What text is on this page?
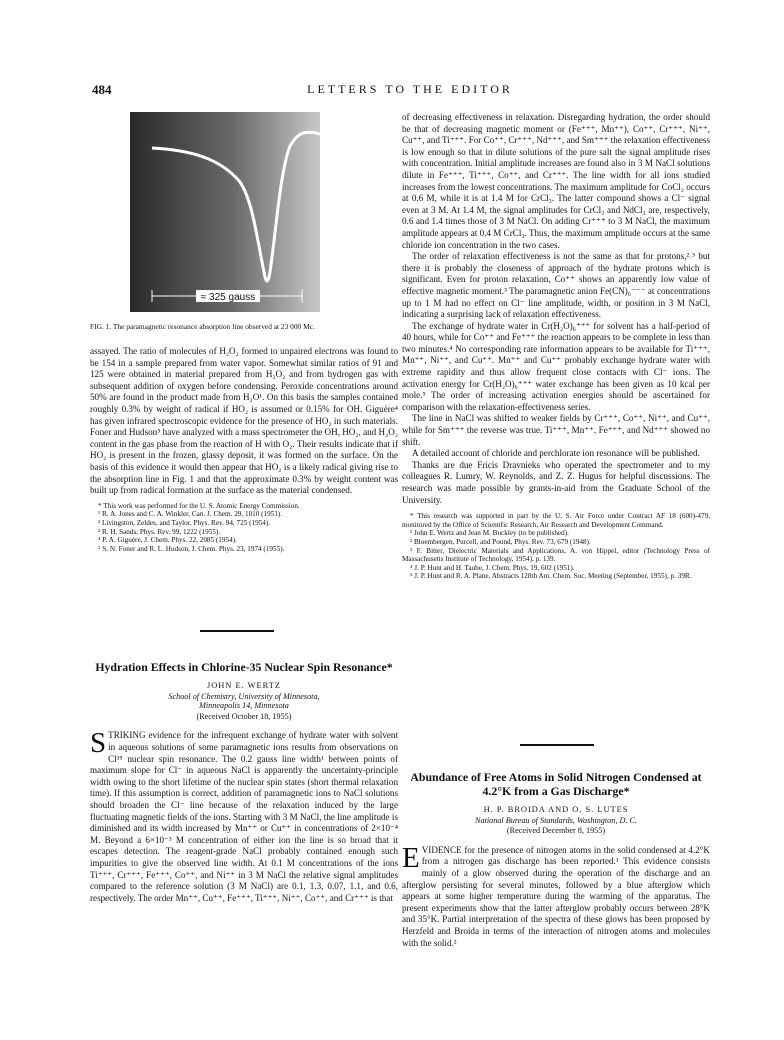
484	LETTERS TO THE EDITOR
≈ 325 gauss
FIG. 1. The paramagnetic resonance absorption line observed at 23 000 Mc.

assayed. The ratio of molecules of H₂O₂ formed to unpaired electrons was found to be 154 in a sample prepared from water vapor. Somewhat similar ratios of 91 and 125 were obtained in material prepared from H₂O₂ and from hydrogen gas with subsequent addition of oxygen before condensing. Peroxide concentrations around 50% are found in the product made from H₂O¹. On this basis the samples contained roughly 0.3% by weight of radical if HO₂ is assumed or 0.15% for OH. Giguère⁴ has given infrared spectroscopic evidence for the presence of HO₂ in such materials. Foner and Hudson⁵ have analyzed with a mass spectrometer the OH, HO₂, and H₂O₂ content in the gas phase from the reaction of H with O₂. Their results indicate that if HO₂ is present in the frozen, glassy deposit, it was formed on the surface. On the basis of this evidence it would then appear that HO₂ is a likely radical giving rise to the absorption line in Fig. 1 and that the approximate 0.3% by weight content was built up from radical formation at the surface as the material condensed.

* This work was performed for the U. S. Atomic Energy Commission.
¹ R. A. Jones and C. A. Winkler, Can. J. Chem. 29, 1010 (1951).
² Livingston, Zeldes, and Taylor, Phys. Rev. 94, 725 (1954).
³ R. H. Sands, Phys. Rev. 99, 1222 (1955).
⁴ P. A. Giguère, J. Chem. Phys. 22, 2085 (1954).
⁵ S. N. Foner and R. L. Hudson, J. Chem. Phys. 23, 1974 (1955).
Hydration Effects in Chlorine-35 Nuclear Spin Resonance*
JOHN E. WERTZ
School of Chemistry, University of Minnesota,
Minneapolis 14, Minnesota
(Received October 18, 1955)

STRIKING evidence for the infrequent exchange of hydrate water with solvent in aqueous solutions of some paramagnetic ions results from observations on Cl³⁵ nuclear spin resonance. The 0.2 gauss line width¹ between points of maximum slope for Cl⁻ in aqueous NaCl is apparently the uncertainty-principle width owing to the short lifetime of the nuclear spin states (short thermal relaxation time). If this assumption is correct, addition of paramagnetic ions to NaCl solutions should broaden the Cl⁻ line because of the relaxation induced by the large fluctuating magnetic fields of the ions. Starting with 3 M NaCl, the line amplitude is diminished and its width increased by Mn⁺⁺ or Cu⁺⁺ in concentrations of 2×10⁻⁴ M. Beyond a 6×10⁻³ M concentration of either ion the line is so broad that it escapes detection. The reagent-grade NaCl probably contained enough such impurities to give the observed line width. At 0.1 M concentrations of the ions Ti⁺⁺⁺, Cr⁺⁺⁺, Fe⁺⁺⁺, Co⁺⁺, and Ni⁺⁺ in 3 M NaCl the relative signal amplitudes compared to the reference solution (3 M NaCl) are 0.1, 1.3, 0.07, 1.1, and 0.6, respectively. The order Mn⁺⁺, Cu⁺⁺, Fe⁺⁺⁺, Ti⁺⁺⁺, Ni⁺⁺, Co⁺⁺, and Cr⁺⁺⁺ is that

of decreasing effectiveness in relaxation. Disregarding hydration, the order should be that of decreasing magnetic moment or (Fe⁺⁺⁺, Mn⁺⁺), Co⁺⁺, Cr⁺⁺⁺, Ni⁺⁺, Cu⁺⁺, and Ti⁺⁺⁺. For Co⁺⁺, Cr⁺⁺⁺, Nd⁺⁺⁺, and Sm⁺⁺⁺ the relaxation effectiveness is low enough so that in dilute solutions of the pure salt the signal amplitude rises with concentration. Initial amplitude increases are found also in 3 M NaCl solutions dilute in Fe⁺⁺⁺, Ti⁺⁺⁺, Co⁺⁺, and Cr⁺⁺⁺. The line width for all ions studied increases from the lowest concentrations. The maximum amplitude for CoCl₂ occurs at 0.6 M, while it is at 1.4 M for CrCl₃. The latter compound shows a Cl⁻ signal even at 3 M. At 1.4 M, the signal amplitudes for CrCl₃ and NdCl₃ are, respectively, 0.6 and 1.4 times those of 3 M NaCl. On adding Cr⁺⁺⁺ to 3 M NaCl, the maximum amplitude appears at 0.4 M CrCl₃. Thus, the maximum amplitude occurs at the same chloride ion concentration in the two cases.

The order of relaxation effectiveness is not the same as that for protons,²˒³ but there it is probably the closeness of approach of the hydrate protons which is significant. Even for proton relaxation, Co⁺⁺ shows an apparently low value of effective magnetic moment.³ The paramagnetic anion Fe(CN)₆⁻⁻⁻ at concentrations up to 1 M had no effect on Cl⁻ line amplitude, width, or position in 3 M NaCl, indicating a surprising lack of relaxation effectiveness.

The exchange of hydrate water in Cr(H₂O)₆⁺⁺⁺ for solvent has a half-period of 40 hours, while for Co⁺⁺ and Fe⁺⁺⁺ the reaction appears to be complete in less than two minutes.⁴ No corresponding rate information appears to be available for Ti⁺⁺⁺, Mn⁺⁺, Ni⁺⁺, and Cu⁺⁺. Mn⁺⁺ and Cu⁺⁺ probably exchange hydrate water with extreme rapidity and thus allow frequent close contacts with Cl⁻ ions. The activation energy for Cr(H₂O)₆⁺⁺⁺ water exchange has been given as 10 kcal per mole.⁵ The order of increasing activation energies should be ascertained for comparison with the relaxation-effectiveness series.

The line in NaCl was shifted to weaker fields by Cr⁺⁺⁺, Co⁺⁺, Ni⁺⁺, and Cu⁺⁺, while for Sm⁺⁺⁺ the reverse was true. Ti⁺⁺⁺, Mn⁺⁺, Fe⁺⁺⁺, and Nd⁺⁺⁺ showed no shift.

A detailed account of chloride and perchlorate ion resonance will be published.

Thanks are due Fricis Dravnieks who operated the spectrometer and to my colleagues R. Lumry, W. Reynolds, and Z. Z. Hugus for helpful discussions. The research was made possible by grants-in-aid from the Graduate School of the University.

* This research was supported in part by the U. S. Air Force under Contract AF 18 (600)-479, monitored by the Office of Scientific Research, Air Research and Development Command.
¹ John E. Wertz and Jean M. Buckley (to be published).
² Bloembergen, Purcell, and Pound, Phys. Rev. 73, 679 (1948).
³ F. Bitter, Dielectric Materials and Applications, A. von Hippel, editor (Technology Press of Massachusetts Institute of Technology, 1954), p. 139.
⁴ J. P. Hunt and H. Taube, J. Chem. Phys. 19, 602 (1951).
⁵ J. P. Hunt and R. A. Plane, Abstracts 128th Am. Chem. Soc. Meeting (September, 1955), p. 39R.
Abundance of Free Atoms in Solid Nitrogen Condensed at 4.2°K from a Gas Discharge*
H. P. BROIDA AND O. S. LUTES
National Bureau of Standards, Washington, D. C.
(Received December 8, 1955)

EVIDENCE for the presence of nitrogen atoms in the solid condensed at 4.2°K from a nitrogen gas discharge has been reported.¹ This evidence consists mainly of a glow observed during the operation of the discharge and an afterglow persisting for several minutes, followed by a blue afterglow which appears at some higher temperature during the warming of the apparatus. The present experiments show that the latter afterglow probably occurs between 28°K and 35°K. Partial interpretation of the spectra of these glows has been proposed by Herzfeld and Broida in terms of the interaction of nitrogen atoms and molecules with the solid.²
